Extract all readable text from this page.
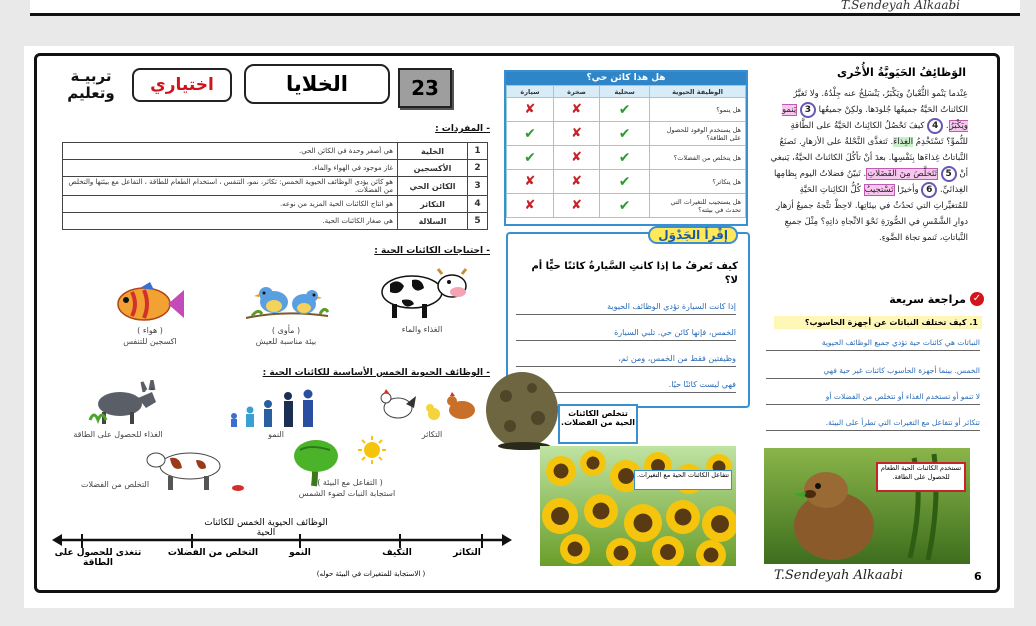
T.Sendeyah Alkaabi
تربيـة
وتعليم	اختياري	الخلايا	23
- المفردات :
1	الخلية	هي أصغر وحدة في الكائن الحي.
2	الأكسجين	غاز موجود في الهواء والماء.
3	الكائن الحي	هو كائن يؤدي الوظائف الحيوية الخمس: تكاثر، نمو، التنفس ، استخدام الطعام للطاقة ، التفاعل مع بيئتها والتخلص من الفضلات.
4	التكاثر	هو انتاج الكائنات الحية المزيد من نوعه.
5	السلالة	هي صغار الكائنات الحية.
- احتياجات الكائنات الحية :
الغذاء والماء
( مأوى )
بيئة مناسبة للعيش
( هواء )
اكسجين للتنفس
- الوظائف الحيوية الخمس الأساسية للكائنات الحية :
التكاثر
النمو
الغذاء للحصول على الطاقة
( التفاعل مع البيئة )
استجابة النبات لضوء الشمس
التخلص من الفضلات
الوظائف الحيوية الخمس للكائنات الحية
التكاثر
التكيف
النمو
التخلص من الفضلات
تتغذى للحصول على الطاقة
( الاستجابة للمتغيرات في البيئة حوله)
هل هذا كائن حي؟
الوظيفة الحيوية	سحلية	صخرة	سيارة
هل ينمو؟	✔	✘	✘
هل يستخدم الوقود للحصول على الطاقة؟	✔	✘	✔
هل يتخلص من الفضلات؟	✔	✘	✔
هل يتكاثر؟	✔	✘	✘
هل يستجيب للتغيرات التي تحدث في بيئته؟	✔	✘	✘
إقْرأ الجَدْوَل
كيف تَعرفُ ما إذا كانتِ السَّيارةُ كائنًا حيًّا أم لا؟
إذا كانت السيارة تؤدي الوظائف الحيوية
الخمس، فإنها كائن حي. تلبي السيارة
وظيفتين فقط من الخمس، ومن ثم،
فهي ليست كائنًا حيًا.
تتخلص الكائنات الحية من الفضلات.
تتفاعل الكائنات الحية مع التغيرات.
الوَظائِفُ الحَيَويَّةُ الأُخْرى
عِنْدما يَنْمو الثُّعْبانُ ويَكْبَرُ، يَنْسَلِخُ عنه جِلْدُهُ. ولا تَغيَّرُ الكائناتُ الحَيَّةُ جميعُها جُلودَها. ولكِنْ جميعُها 3 يَنمو ويَكْبَرُ. 4 كيفَ تَحْصُلُ الكائِناتُ الحَيَّةُ على الطَّاقةِ للنُّموِّ؟ تَسْتَخْدِمُ الغِذاءَ. تَتغذَّى النَّحْلةُ على الأزهارِ. تَصنَعُ النَّباتاتُ غِذاءَها بِنَفْسِها. بعدَ أنْ تأكُلَ الكائناتُ الحيَّةُ، يَنبغي أنْ 5 تَتَخلَّصَ مِنَ الفَضَلاتِ. تَبيّنُ فضلاتُ اليوم بِظامِها الغِذائيِّ. 6 وأخيرًا تَسْتجيبُ كُلُّ الكائِناتِ الحَيَّةِ للمُتغيِّراتِ التي تَحدُثُ في بيئاتِها. لاحِظْ تتَّجهُ جميعُ أزهارِ دوارِ الشَّمْسِ في الصُّورَةِ نَحْوَ الاتِّجاهِ ذاتِهِ؟ مِثْلَ جميعِ النَّباتاتِ، تَنمو تجاهَ الضَّوءِ.
✓
مراجعة سريعة
1. كيف تختلف النباتات عن أجهزة الحاسوب؟
النباتات هي كائنات حية تؤدي جميع الوظائف الحيوية
الخمس. بينما أجهزة الحاسوب كائنات غير حية فهي
لا تنمو أو تستخدم الغذاء أو تتخلص من الفضلات أو
تتكاثر أو تتفاعل مع التغيرات التي تطرأ على البيئة.
تستخدم الكائنات الحية الطعام للحصول على الطاقة.
T.Sendeyah Alkaabi	6
